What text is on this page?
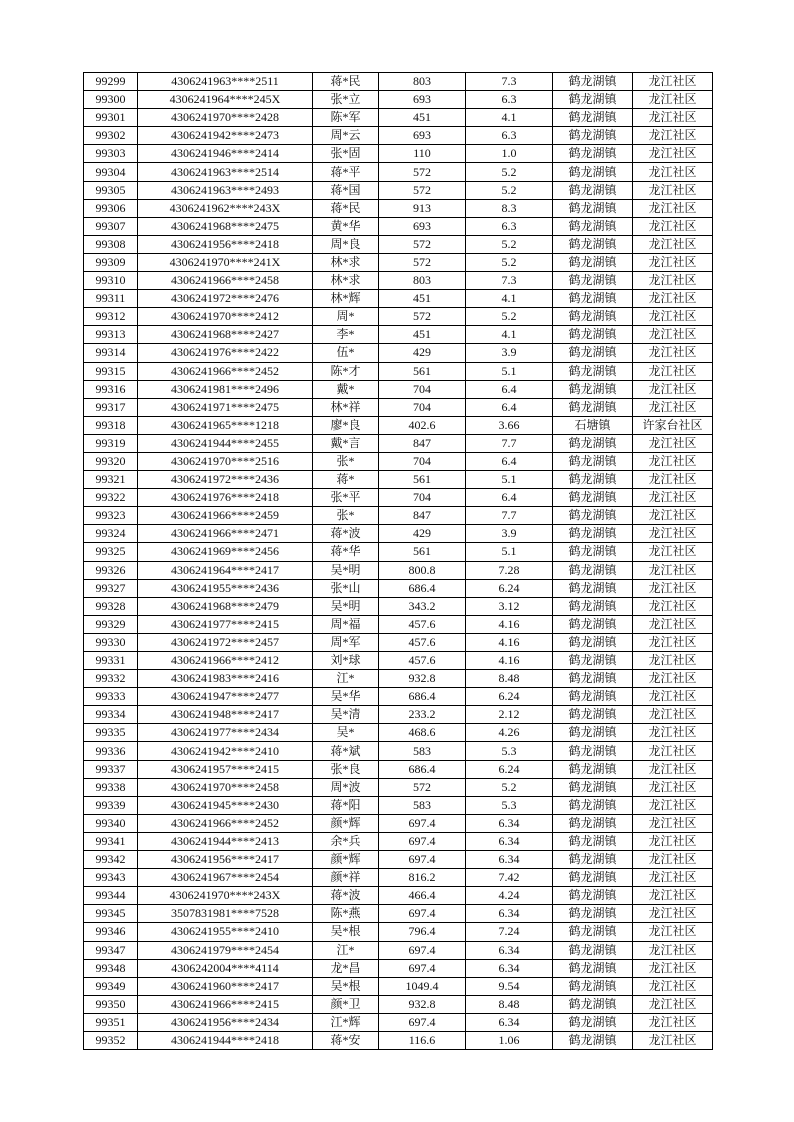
99299	4306241963****2511	蒋*民	803	7.3	鹤龙湖镇	龙江社区
99300	4306241964****245X	张*立	693	6.3	鹤龙湖镇	龙江社区
99301	4306241970****2428	陈*军	451	4.1	鹤龙湖镇	龙江社区
99302	4306241942****2473	周*云	693	6.3	鹤龙湖镇	龙江社区
99303	4306241946****2414	张*固	110	1.0	鹤龙湖镇	龙江社区
99304	4306241963****2514	蒋*平	572	5.2	鹤龙湖镇	龙江社区
99305	4306241963****2493	蒋*国	572	5.2	鹤龙湖镇	龙江社区
99306	4306241962****243X	蒋*民	913	8.3	鹤龙湖镇	龙江社区
99307	4306241968****2475	黄*华	693	6.3	鹤龙湖镇	龙江社区
99308	4306241956****2418	周*良	572	5.2	鹤龙湖镇	龙江社区
99309	4306241970****241X	林*求	572	5.2	鹤龙湖镇	龙江社区
99310	4306241966****2458	林*求	803	7.3	鹤龙湖镇	龙江社区
99311	4306241972****2476	林*辉	451	4.1	鹤龙湖镇	龙江社区
99312	4306241970****2412	周*	572	5.2	鹤龙湖镇	龙江社区
99313	4306241968****2427	李*	451	4.1	鹤龙湖镇	龙江社区
99314	4306241976****2422	伍*	429	3.9	鹤龙湖镇	龙江社区
99315	4306241966****2452	陈*才	561	5.1	鹤龙湖镇	龙江社区
99316	4306241981****2496	戴*	704	6.4	鹤龙湖镇	龙江社区
99317	4306241971****2475	林*祥	704	6.4	鹤龙湖镇	龙江社区
99318	4306241965****1218	廖*良	402.6	3.66	石塘镇	许家台社区
99319	4306241944****2455	戴*言	847	7.7	鹤龙湖镇	龙江社区
99320	4306241970****2516	张*	704	6.4	鹤龙湖镇	龙江社区
99321	4306241972****2436	蒋*	561	5.1	鹤龙湖镇	龙江社区
99322	4306241976****2418	张*平	704	6.4	鹤龙湖镇	龙江社区
99323	4306241966****2459	张*	847	7.7	鹤龙湖镇	龙江社区
99324	4306241966****2471	蒋*波	429	3.9	鹤龙湖镇	龙江社区
99325	4306241969****2456	蒋*华	561	5.1	鹤龙湖镇	龙江社区
99326	4306241964****2417	吴*明	800.8	7.28	鹤龙湖镇	龙江社区
99327	4306241955****2436	张*山	686.4	6.24	鹤龙湖镇	龙江社区
99328	4306241968****2479	吴*明	343.2	3.12	鹤龙湖镇	龙江社区
99329	4306241977****2415	周*福	457.6	4.16	鹤龙湖镇	龙江社区
99330	4306241972****2457	周*军	457.6	4.16	鹤龙湖镇	龙江社区
99331	4306241966****2412	刘*球	457.6	4.16	鹤龙湖镇	龙江社区
99332	4306241983****2416	江*	932.8	8.48	鹤龙湖镇	龙江社区
99333	4306241947****2477	吴*华	686.4	6.24	鹤龙湖镇	龙江社区
99334	4306241948****2417	吴*清	233.2	2.12	鹤龙湖镇	龙江社区
99335	4306241977****2434	吴*	468.6	4.26	鹤龙湖镇	龙江社区
99336	4306241942****2410	蒋*斌	583	5.3	鹤龙湖镇	龙江社区
99337	4306241957****2415	张*良	686.4	6.24	鹤龙湖镇	龙江社区
99338	4306241970****2458	周*波	572	5.2	鹤龙湖镇	龙江社区
99339	4306241945****2430	蒋*阳	583	5.3	鹤龙湖镇	龙江社区
99340	4306241966****2452	颜*辉	697.4	6.34	鹤龙湖镇	龙江社区
99341	4306241944****2413	余*兵	697.4	6.34	鹤龙湖镇	龙江社区
99342	4306241956****2417	颜*辉	697.4	6.34	鹤龙湖镇	龙江社区
99343	4306241967****2454	颜*祥	816.2	7.42	鹤龙湖镇	龙江社区
99344	4306241970****243X	蒋*波	466.4	4.24	鹤龙湖镇	龙江社区
99345	3507831981****7528	陈*燕	697.4	6.34	鹤龙湖镇	龙江社区
99346	4306241955****2410	吴*根	796.4	7.24	鹤龙湖镇	龙江社区
99347	4306241979****2454	江*	697.4	6.34	鹤龙湖镇	龙江社区
99348	4306242004****4114	龙*昌	697.4	6.34	鹤龙湖镇	龙江社区
99349	4306241960****2417	吴*根	1049.4	9.54	鹤龙湖镇	龙江社区
99350	4306241966****2415	颜*卫	932.8	8.48	鹤龙湖镇	龙江社区
99351	4306241956****2434	江*辉	697.4	6.34	鹤龙湖镇	龙江社区
99352	4306241944****2418	蒋*安	116.6	1.06	鹤龙湖镇	龙江社区
